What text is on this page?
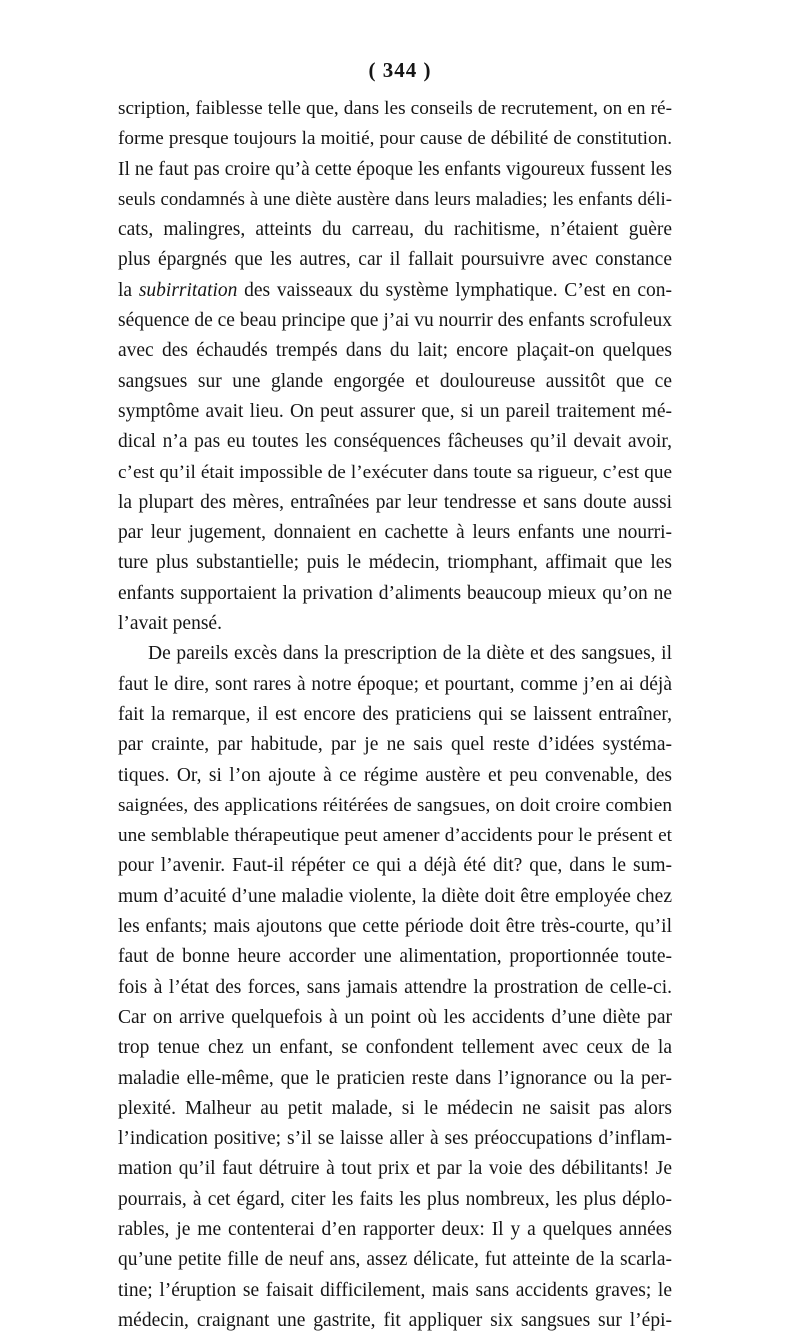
( 344 )
scription, faiblesse telle que, dans les conseils de recrutement, on en ré-
forme presque toujours la moitié, pour cause de débilité de constitution.
Il ne faut pas croire qu’à cette époque les enfants vigoureux fussent les
seuls condamnés à une diète austère dans leurs maladies; les enfants déli-
cats, malingres, atteints du carreau, du rachitisme, n’étaient guère
plus épargnés que les autres, car il fallait poursuivre avec constance
la subirritation des vaisseaux du système lymphatique. C’est en con-
séquence de ce beau principe que j’ai vu nourrir des enfants scrofuleux
avec des échaudés trempés dans du lait; encore plaçait-on quelques
sangsues sur une glande engorgée et douloureuse aussitôt que ce
symptôme avait lieu. On peut assurer que, si un pareil traitement mé-
dical n’a pas eu toutes les conséquences fâcheuses qu’il devait avoir,
c’est qu’il était impossible de l’exécuter dans toute sa rigueur, c’est que
la plupart des mères, entraînées par leur tendresse et sans doute aussi
par leur jugement, donnaient en cachette à leurs enfants une nourri-
ture plus substantielle; puis le médecin, triomphant, affimait que les
enfants supportaient la privation d’aliments beaucoup mieux qu’on ne
l’avait pensé.
De pareils excès dans la prescription de la diète et des sangsues, il
faut le dire, sont rares à notre époque; et pourtant, comme j’en ai déjà
fait la remarque, il est encore des praticiens qui se laissent entraîner,
par crainte, par habitude, par je ne sais quel reste d’idées systéma-
tiques. Or, si l’on ajoute à ce régime austère et peu convenable, des
saignées, des applications réitérées de sangsues, on doit croire combien
une semblable thérapeutique peut amener d’accidents pour le présent et
pour l’avenir. Faut-il répéter ce qui a déjà été dit? que, dans le sum-
mum d’acuité d’une maladie violente, la diète doit être employée chez
les enfants; mais ajoutons que cette période doit être très-courte, qu’il
faut de bonne heure accorder une alimentation, proportionnée toute-
fois à l’état des forces, sans jamais attendre la prostration de celle-ci.
Car on arrive quelquefois à un point où les accidents d’une diète par
trop tenue chez un enfant, se confondent tellement avec ceux de la
maladie elle-même, que le praticien reste dans l’ignorance ou la per-
plexité. Malheur au petit malade, si le médecin ne saisit pas alors
l’indication positive; s’il se laisse aller à ses préoccupations d’inflam-
mation qu’il faut détruire à tout prix et par la voie des débilitants! Je
pourrais, à cet égard, citer les faits les plus nombreux, les plus déplo-
rables, je me contenterai d’en rapporter deux: Il y a quelques années
qu’une petite fille de neuf ans, assez délicate, fut atteinte de la scarla-
tine; l’éruption se faisait difficilement, mais sans accidents graves; le
médecin, craignant une gastrite, fit appliquer six sangsues sur l’épi-
